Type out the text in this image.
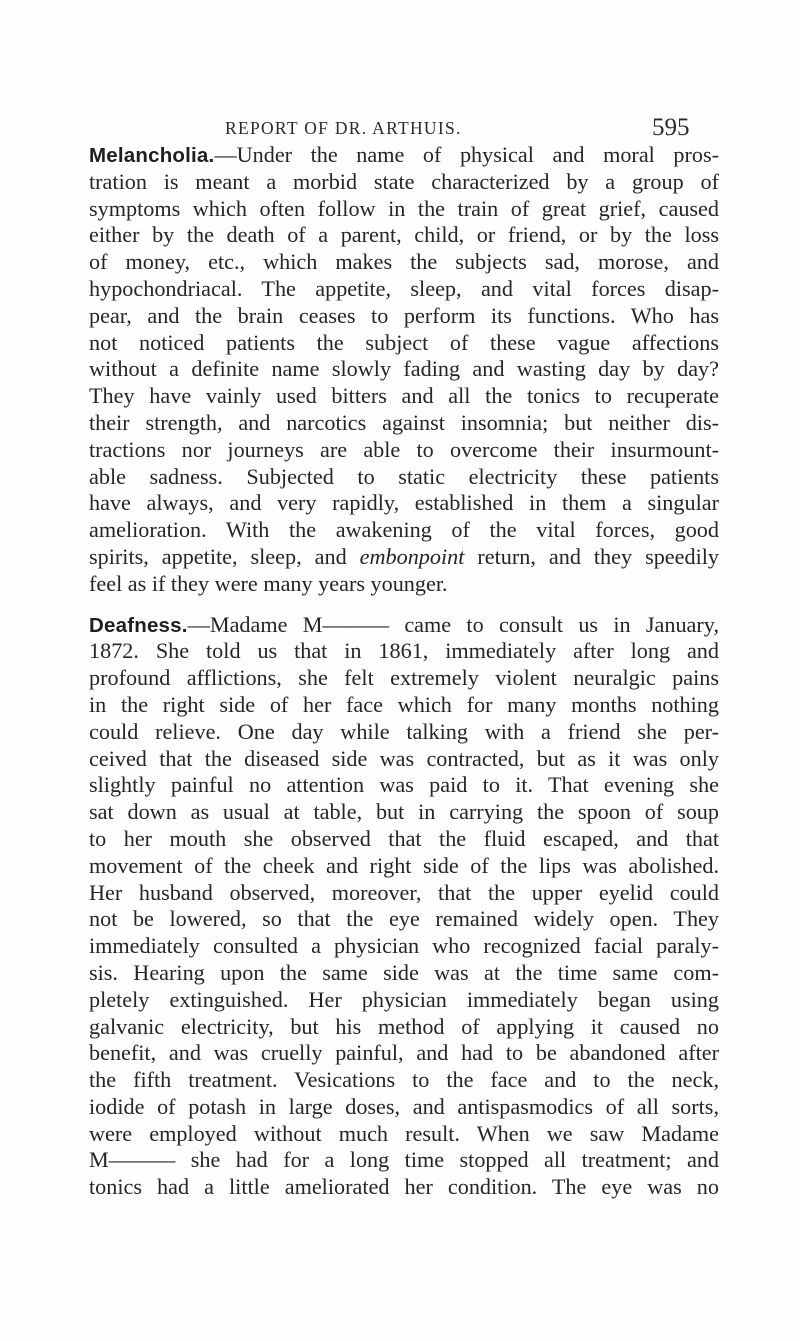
REPORT OF DR. ARTHUIS.	595
Melancholia.—Under the name of physical and moral pros-
tration is meant a morbid state characterized by a group of
symptoms which often follow in the train of great grief, caused
either by the death of a parent, child, or friend, or by the loss
of money, etc., which makes the subjects sad, morose, and
hypochondriacal. The appetite, sleep, and vital forces disap-
pear, and the brain ceases to perform its functions. Who has
not noticed patients the subject of these vague affections
without a definite name slowly fading and wasting day by day?
They have vainly used bitters and all the tonics to recuperate
their strength, and narcotics against insomnia; but neither dis-
tractions nor journeys are able to overcome their insurmount-
able sadness. Subjected to static electricity these patients
have always, and very rapidly, established in them a singular
amelioration. With the awakening of the vital forces, good
spirits, appetite, sleep, and embonpoint return, and they speedily
feel as if they were many years younger.
Deafness.—Madame M——— came to consult us in January,
1872. She told us that in 1861, immediately after long and
profound afflictions, she felt extremely violent neuralgic pains
in the right side of her face which for many months nothing
could relieve. One day while talking with a friend she per-
ceived that the diseased side was contracted, but as it was only
slightly painful no attention was paid to it. That evening she
sat down as usual at table, but in carrying the spoon of soup
to her mouth she observed that the fluid escaped, and that
movement of the cheek and right side of the lips was abolished.
Her husband observed, moreover, that the upper eyelid could
not be lowered, so that the eye remained widely open. They
immediately consulted a physician who recognized facial paraly-
sis. Hearing upon the same side was at the time same com-
pletely extinguished. Her physician immediately began using
galvanic electricity, but his method of applying it caused no
benefit, and was cruelly painful, and had to be abandoned after
the fifth treatment. Vesications to the face and to the neck,
iodide of potash in large doses, and antispasmodics of all sorts,
were employed without much result. When we saw Madame
M——— she had for a long time stopped all treatment; and
tonics had a little ameliorated her condition. The eye was no
